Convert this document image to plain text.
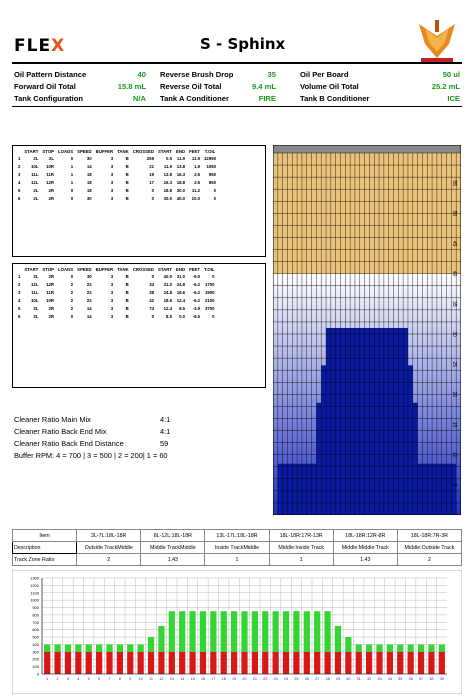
FLEX	S - Sphinx
Oil Pattern Distance	40
Forward Oil Total	15.8 mL
Tank Configuration	N/A
Reverse Brush Drop	35
Reverse Oil Total	9.4 mL
Tank A Conditioner	FIRE
Oil Per Board	50 ul
Volume Oil Total	25.2 mL
Tank B Conditioner	ICE
	START	STOP	LOADS	SPEED	BUFFER	TANK	CROSSED	START	END	FEET	T.OIL
1	2L	2L	0	30	3	B	259	0.0	11.9	11.9	12950
2	10L	10R	1	14	3	B	21	11.9	13.8	1.9	1050
3	11L	11R	1	18	3	B	19	13.8	16.3	2.5	950
4	12L	12R	1	18	3	B	17	16.3	18.8	2.5	850
5	2L	2R	0	18	3	B	0	18.8	30.0	11.2	0
6	2L	2R	0	30	3	B	0	30.0	40.0	10.0	0
	START	STOP	LOADS	SPEED	BUFFER	TANK	CROSSED	START	END	FEET	T.OIL
1	2L	2R	0	30	3	B	0	40.0	31.0	-9.0	0
2	12L	12R	2	22	3	B	34	31.0	24.8	-6.2	1700
3	11L	11R	2	22	3	B	38	24.8	18.6	-6.2	1900
4	10L	10R	2	22	3	B	42	18.6	12.4	-6.2	2100
5	2L	2R	2	14	3	B	74	12.4	8.5	-3.9	3700
6	2L	2R	0	14	3	B	0	8.5	0.0	-8.5	0
Cleaner Ratio Main Mix	4:1
Cleaner Ratio Back End Mix	4:1
Cleaner Ratio Back End Distance	59
Buffer RPM: 4 = 700 | 3 = 500 | 2 = 200| 1 = 60
55
50
45
40
35
30
25
20
15
10
5
Item	3L-7L:18L-18R	8L-12L:18L-18R	13L-17L:18L-18R	18L-18R:17R-13R	18L-18R:12R-8R	18L-18R:7R-3R
Description	Outside TrackMiddle	Middle TrackMiddle	Inside TrackMiddle	Middle:Inside Track	Middle:Middle Track	Middle:Outside Track
Track Zone Ratio	2	1.43	1	1	1.43	2
0
100
200
300
400
500
600
700
800
900
1000
1100
1200
1300
1 2 3 4 5 6 7 8 9 10 11 12 13 14 15 16 17 18 19 20 21 22 23 24 25 26 27 28 29 30 31 32 33 34 35 36 37 38 39
